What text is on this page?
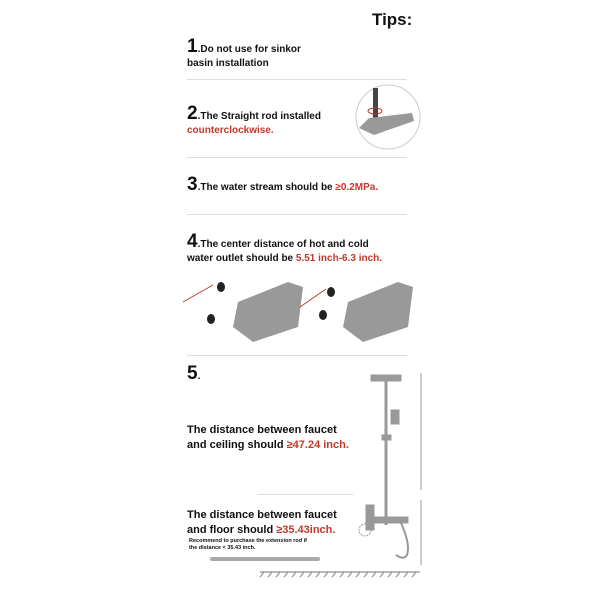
Tips:
1.Do not use for sinkor
basin installation
2.The Straight rod installed
counterclockwise.
3.The water stream should be ≥0.2MPa.
4.The center distance of hot and cold
water outlet should be 5.51 inch-6.3 inch.
5.
The distance between faucet
and ceiling should ≥47.24 inch.
The distance between faucet
and floor should ≥35.43inch.
Recommend to purchase the extension rod if
the distance < 35.43 inch.
